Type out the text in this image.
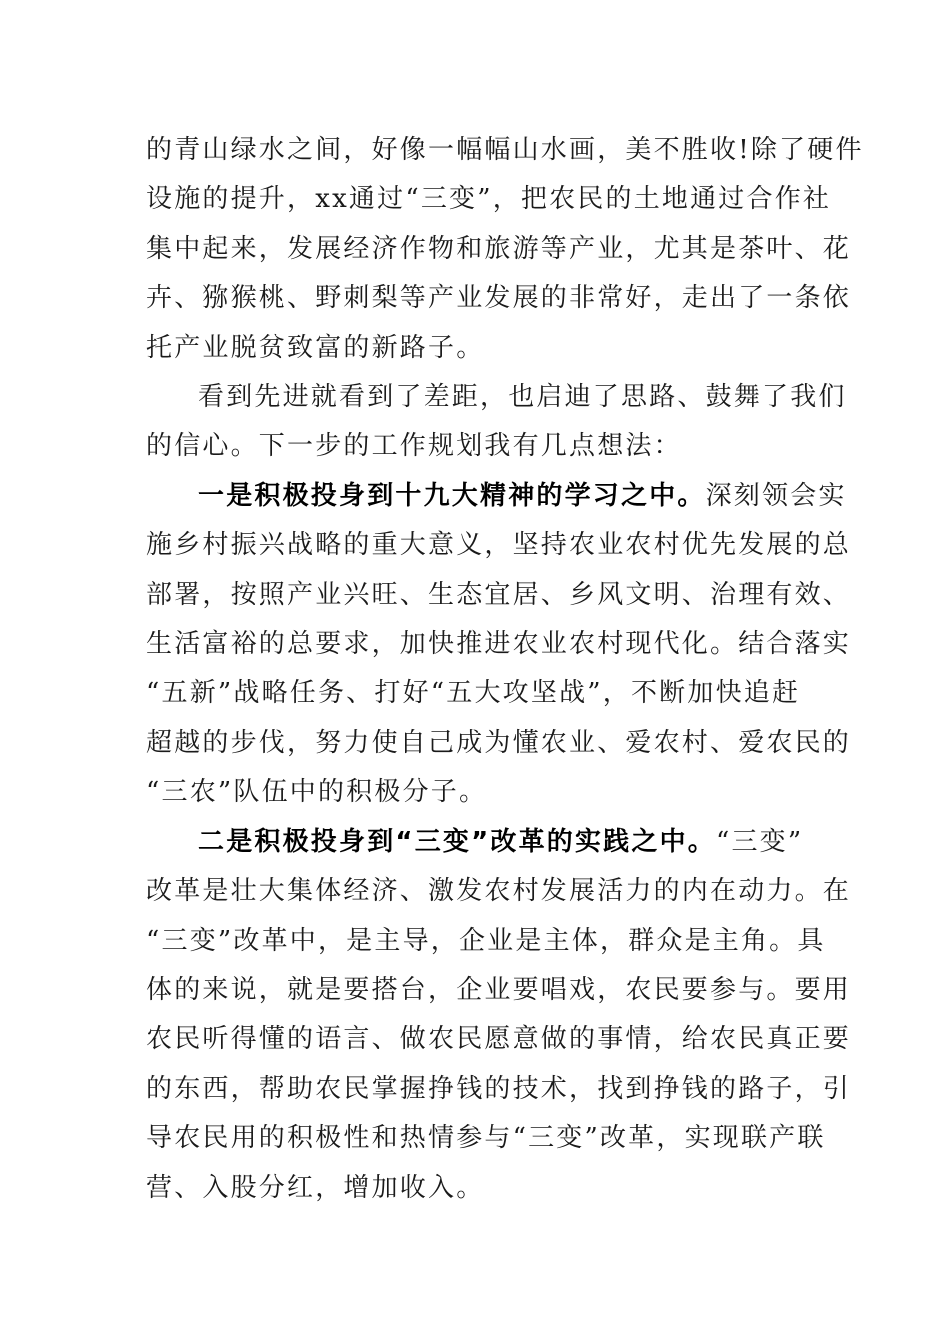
的青山绿水之间，好像一幅幅山水画，美不胜收!除了硬件
设施的提升，xx通过“三变”，把农民的土地通过合作社
集中起来，发展经济作物和旅游等产业，尤其是茶叶、花
卉、猕猴桃、野刺梨等产业发展的非常好，走出了一条依
托产业脱贫致富的新路子。
看到先进就看到了差距，也启迪了思路、鼓舞了我们
的信心。下一步的工作规划我有几点想法：
一是积极投身到十九大精神的学习之中。深刻领会实
施乡村振兴战略的重大意义，坚持农业农村优先发展的总
部署，按照产业兴旺、生态宜居、乡风文明、治理有效、
生活富裕的总要求，加快推进农业农村现代化。结合落实
“五新”战略任务、打好“五大攻坚战”，不断加快追赶
超越的步伐，努力使自己成为懂农业、爱农村、爱农民的
“三农”队伍中的积极分子。
二是积极投身到“三变”改革的实践之中。“三变”
改革是壮大集体经济、激发农村发展活力的内在动力。在
“三变”改革中，是主导，企业是主体，群众是主角。具
体的来说，就是要搭台，企业要唱戏，农民要参与。要用
农民听得懂的语言、做农民愿意做的事情，给农民真正要
的东西，帮助农民掌握挣钱的技术，找到挣钱的路子，引
导农民用的积极性和热情参与“三变”改革，实现联产联
营、入股分红，增加收入。
